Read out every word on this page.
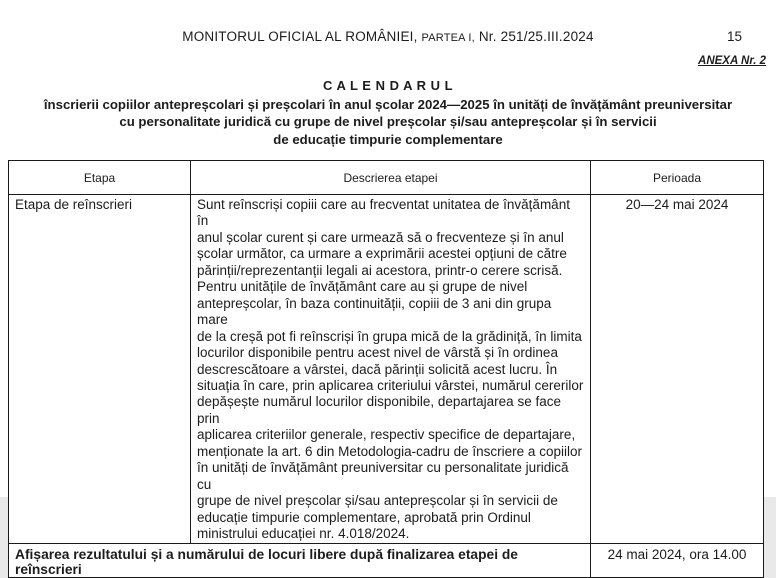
MONITORUL OFICIAL AL ROMÂNIEI, PARTEA I, Nr. 251/25.III.2024	15
ANEXA Nr. 2
C A L E N D A R U L
înscrierii copiilor antepreșcolari și preșcolari în anul școlar 2024—2025 în unități de învățământ preuniversitar
cu personalitate juridică cu grupe de nivel preșcolar și/sau antepreșcolar și în servicii
de educație timpurie complementare
Etapa	Descrierea etapei	Perioada
Etapa de reînscrieri	Sunt reînscriși copiii care au frecventat unitatea de învățământ în
anul școlar curent și care urmează să o frecventeze și în anul
școlar următor, ca urmare a exprimării acestei opțiuni de către
părinții/reprezentanții legali ai acestora, printr-o cerere scrisă.
Pentru unitățile de învățământ care au și grupe de nivel
antepreșcolar, în baza continuității, copiii de 3 ani din grupa mare
de la creșă pot fi reînscriși în grupa mică de la grădiniță, în limita
locurilor disponibile pentru acest nivel de vârstă și în ordinea
descrescătoare a vârstei, dacă părinții solicită acest lucru. În
situația în care, prin aplicarea criteriului vârstei, numărul cererilor
depășește numărul locurilor disponibile, departajarea se face prin
aplicarea criteriilor generale, respectiv specifice de departajare,
menționate la art. 6 din Metodologia-cadru de înscriere a copiilor
în unități de învățământ preuniversitar cu personalitate juridică cu
grupe de nivel preșcolar și/sau antepreșcolar și în servicii de
educație timpurie complementare, aprobată prin Ordinul
ministrului educației nr. 4.018/2024.	20—24 mai 2024
Afișarea rezultatului și a numărului de locuri libere după finalizarea etapei de reînscrieri		24 mai 2024, ora 14.00
